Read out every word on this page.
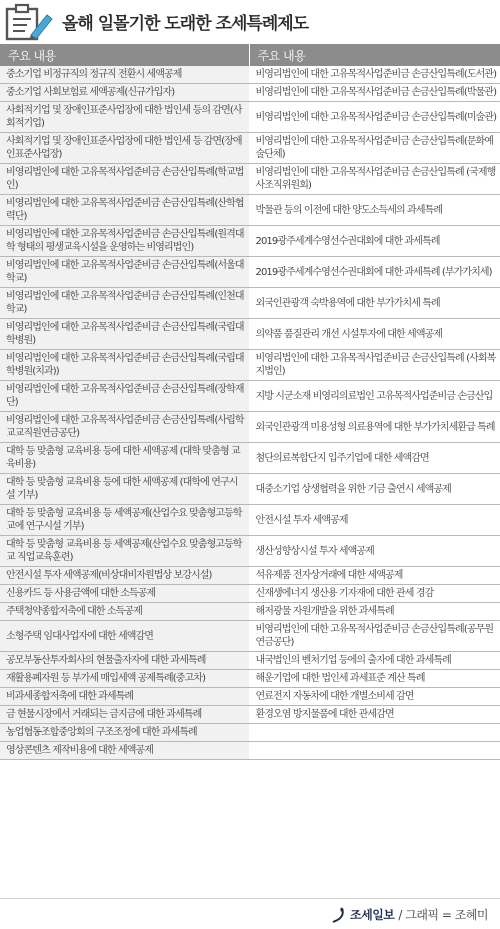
올해 일몰기한 도래한 조세특례제도
주요 내용	주요 내용
중소기업 비정규직의 정규직 전환시 세액공제	비영리법인에 대한 고유목적사업준비금 손금산입특례(도서관)
중소기업 사회보험료 세액공제(신규가입자)	비영리법인에 대한 고유목적사업준비금 손금산입특례(박물관)
사회적기업 및 장애인표준사업장에 대한 법인세 등의 감면(사회적기업)	비영리법인에 대한 고유목적사업준비금 손금산입특례(미술관)
사회적기업 및 장애인표준사업장에 대한 법인세 등 감면(장애인표준사업장)	비영리법인에 대한 고유목적사업준비금 손금산입특례(문화예술단체)
비영리법인에 대한 고유목적사업준비금 손금산입특례(학교법인)	비영리법인에 대한 고유목적사업준비금 손금산입특례 (국제행사조직위원회)
비영리법인에 대한 고유목적사업준비금 손금산입특례(산학협력단)	박물관 등의 이전에 대한 양도소득세의 과세특례
비영리법인에 대한 고유목적사업준비금 손금산입특례(원격대학 형태의 평생교육시설을 운영하는 비영리법인)	2019광주세계수영선수권대회에 대한 과세특례
비영리법인에 대한 고유목적사업준비금 손금산입특례(서울대학교)	2019광주세계수영선수권대회에 대한 과세특례 (부가가치세)
비영리법인에 대한 고유목적사업준비금 손금산입특례(인천대학교)	외국인관광객 숙박용역에 대한 부가가치세 특례
비영리법인에 대한 고유목적사업준비금 손금산입특례(국립대학병원)	의약품 품질관리 개선 시설투자에 대한 세액공제
비영리법인에 대한 고유목적사업준비금 손금산입특례(국립대학병원(치과))	비영리법인에 대한 고유목적사업준비금 손금산입특례 (사회복지법인)
비영리법인에 대한 고유목적사업준비금 손금산입특례(장학재단)	지방 시군소재 비영리의료법인 고유목적사업준비금 손금산입
비영리법인에 대한 고유목적사업준비금 손금산입특례(사립학교교직원연금공단)	외국인관광객 미용성형 의료용역에 대한 부가가치세환급 특례
대학 등 맞춤형 교육비용 등에 대한 세액공제 (대학 맞춤형 교육비용)	첨단의료복합단지 입주기업에 대한 세액감면
대학 등 맞춤형 교육비용 등에 대한 세액공제 (대학에 연구시설 기부)	대중소기업 상생협력을 위한 기금 출연시 세액공제
대학 등 맞춤형 교육비용 등 세액공제(산업수요 맞춤형고등학교에 연구시설 기부)	안전시설 투자 세액공제
대학 등 맞춤형 교육비용 등 세액공제(산업수요 맞춤형고등학교 직업교육훈련)	생산성향상시설 투자 세액공제
안전시설 투자 세액공제(비상대비자원법상 보강시설)	석유제품 전자상거래에 대한 세액공제
신용카드 등 사용금액에 대한 소득공제	신재생에너지 생산용 기자재에 대한 관세 경감
주택청약종합저축에 대한 소득공제	해저광물 자원개발을 위한 과세특례
소형주택 임대사업자에 대한 세액감면	비영리법인에 대한 고유목적사업준비금 손금산입특례(공무원연금공단)
공모부동산투자회사의 현물출자자에 대한 과세특례	내국법인의 벤처기업 등에의 출자에 대한 과세특례
재활용폐자원 등 부가세 매입세액 공제특례(중고차)	해운기업에 대한 법인세 과세표준 계산 특례
비과세종합저축에 대한 과세특례	연료전지 자동차에 대한 개별소비세 감면
금 현물시장에서 거래되는 금지금에 대한 과세특례	환경오염 방지물품에 대한 관세감면
농업협동조합중앙회의 구조조정에 대한 과세특례	
영상콘텐츠 제작비용에 대한 세액공제	
조세일보 / 그래픽 = 조혜미
